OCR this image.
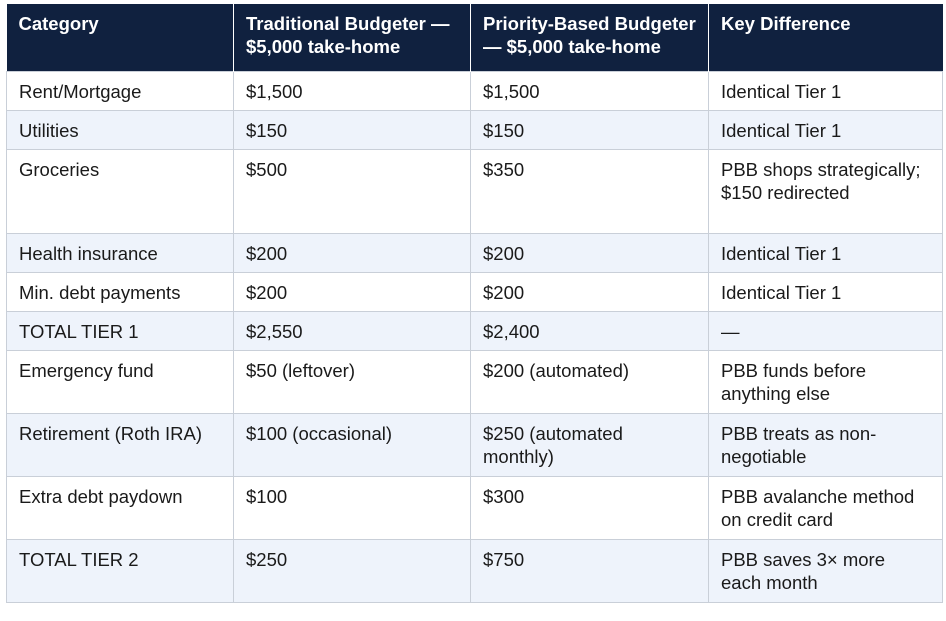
Category	Traditional Budgeter — $5,000 take-home	Priority-Based Budgeter — $5,000 take-home	Key Difference
Rent/Mortgage	$1,500	$1,500	Identical Tier 1
Utilities	$150	$150	Identical Tier 1
Groceries	$500	$350	PBB shops strategically; $150 redirected
Health insurance	$200	$200	Identical Tier 1
Min. debt payments	$200	$200	Identical Tier 1
TOTAL TIER 1	$2,550	$2,400	—
Emergency fund	$50 (leftover)	$200 (automated)	PBB funds before anything else
Retirement (Roth IRA)	$100 (occasional)	$250 (automated monthly)	PBB treats as non-negotiable
Extra debt paydown	$100	$300	PBB avalanche method on credit card
TOTAL TIER 2	$250	$750	PBB saves 3× more each month
